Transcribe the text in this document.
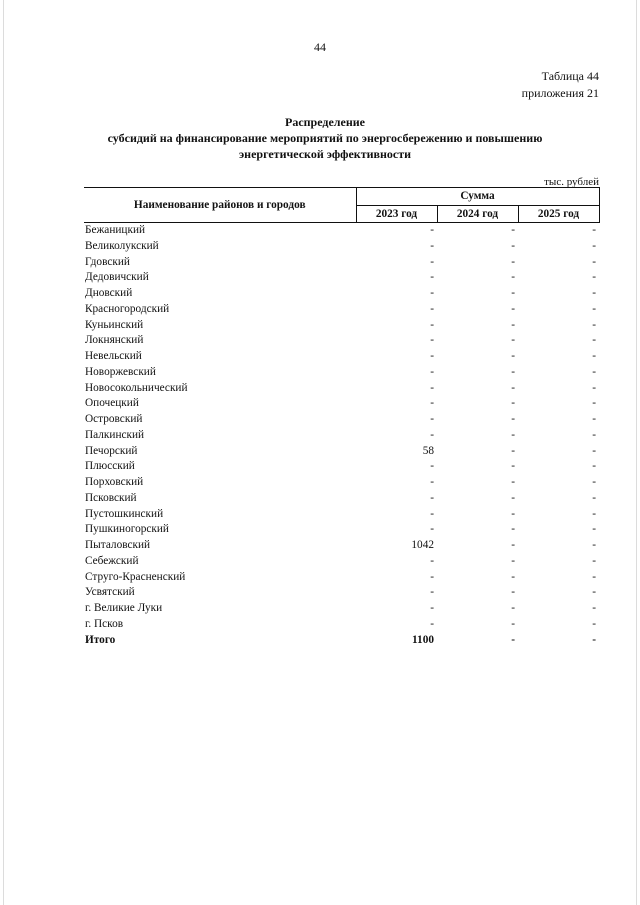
44
Таблица 44
приложения 21
Распределение
субсидий на финансирование мероприятий по энергосбережению и повышению
энергетической эффективности
тыс. рублей
Наименование районов и городов	Сумма		
	2023 год	2024 год	2025 год
Бежаницкий	-	-	-
Великолукский	-	-	-
Гдовский	-	-	-
Дедовичский	-	-	-
Дновский	-	-	-
Красногородский	-	-	-
Куньинский	-	-	-
Локнянский	-	-	-
Невельский	-	-	-
Новоржевский	-	-	-
Новосокольнический	-	-	-
Опочецкий	-	-	-
Островский	-	-	-
Палкинский	-	-	-
Печорский	58	-	-
Плюсский	-	-	-
Порховский	-	-	-
Псковский	-	-	-
Пустошкинский	-	-	-
Пушкиногорский	-	-	-
Пыталовский	1042	-	-
Себежский	-	-	-
Струго-Красненский	-	-	-
Усвятский	-	-	-
г. Великие Луки	-	-	-
г. Псков	-	-	-
Итого	1100	-	-
